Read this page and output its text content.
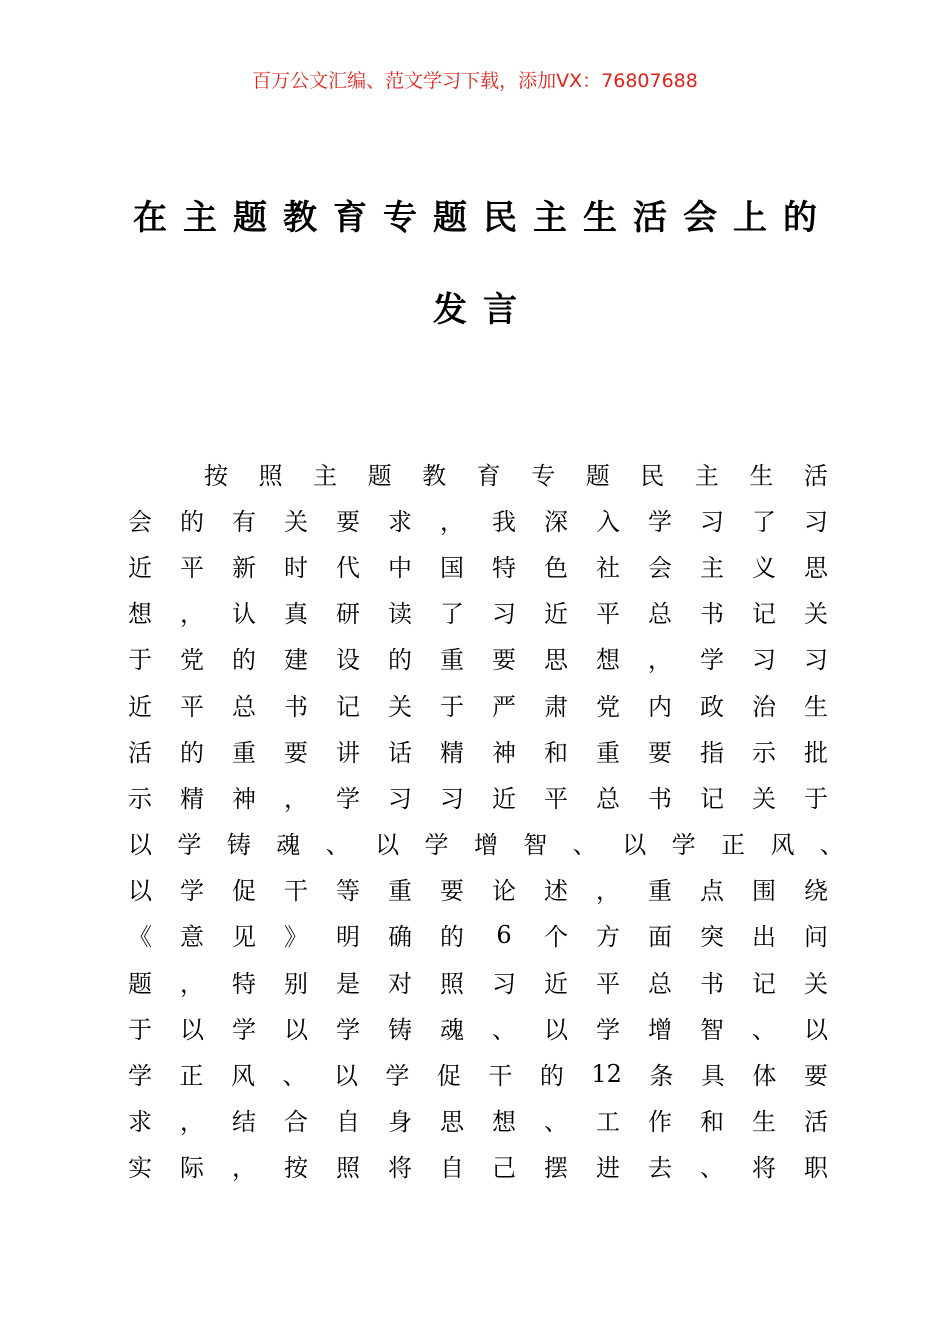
百万公文汇编、范文学习下载，添加VX：76807688
在主题教育专题民主生活会上的
发言
按 照 主 题 教 育 专 题 民 主 生 活
会 的 有 关 要 求 ， 我 深 入 学 习 了 习
近 平 新 时 代 中 国 特 色 社 会 主 义 思
想 ， 认 真 研 读 了 习 近 平 总 书 记 关
于 党 的 建 设 的 重 要 思 想 ， 学 习 习
近 平 总 书 记 关 于 严 肃 党 内 政 治 生
活 的 重 要 讲 话 精 神 和 重 要 指 示 批
示 精 神 ， 学 习 习 近 平 总 书 记 关 于
以 学 铸 魂 、 以 学 增 智 、 以 学 正 风 、
以 学 促 干 等 重 要 论 述 ， 重 点 围 绕
《 意 见 》 明 确 的 6 个 方 面 突 出 问
题 ， 特 别 是 对 照 习 近 平 总 书 记 关
于 以 学 以 学 铸 魂 、 以 学 增 智 、 以
学 正 风 、 以 学 促 干 的 12 条 具 体 要
求 ， 结 合 自 身 思 想 、 工 作 和 生 活
实 际 ， 按 照 将 自 己 摆 进 去 、 将 职
